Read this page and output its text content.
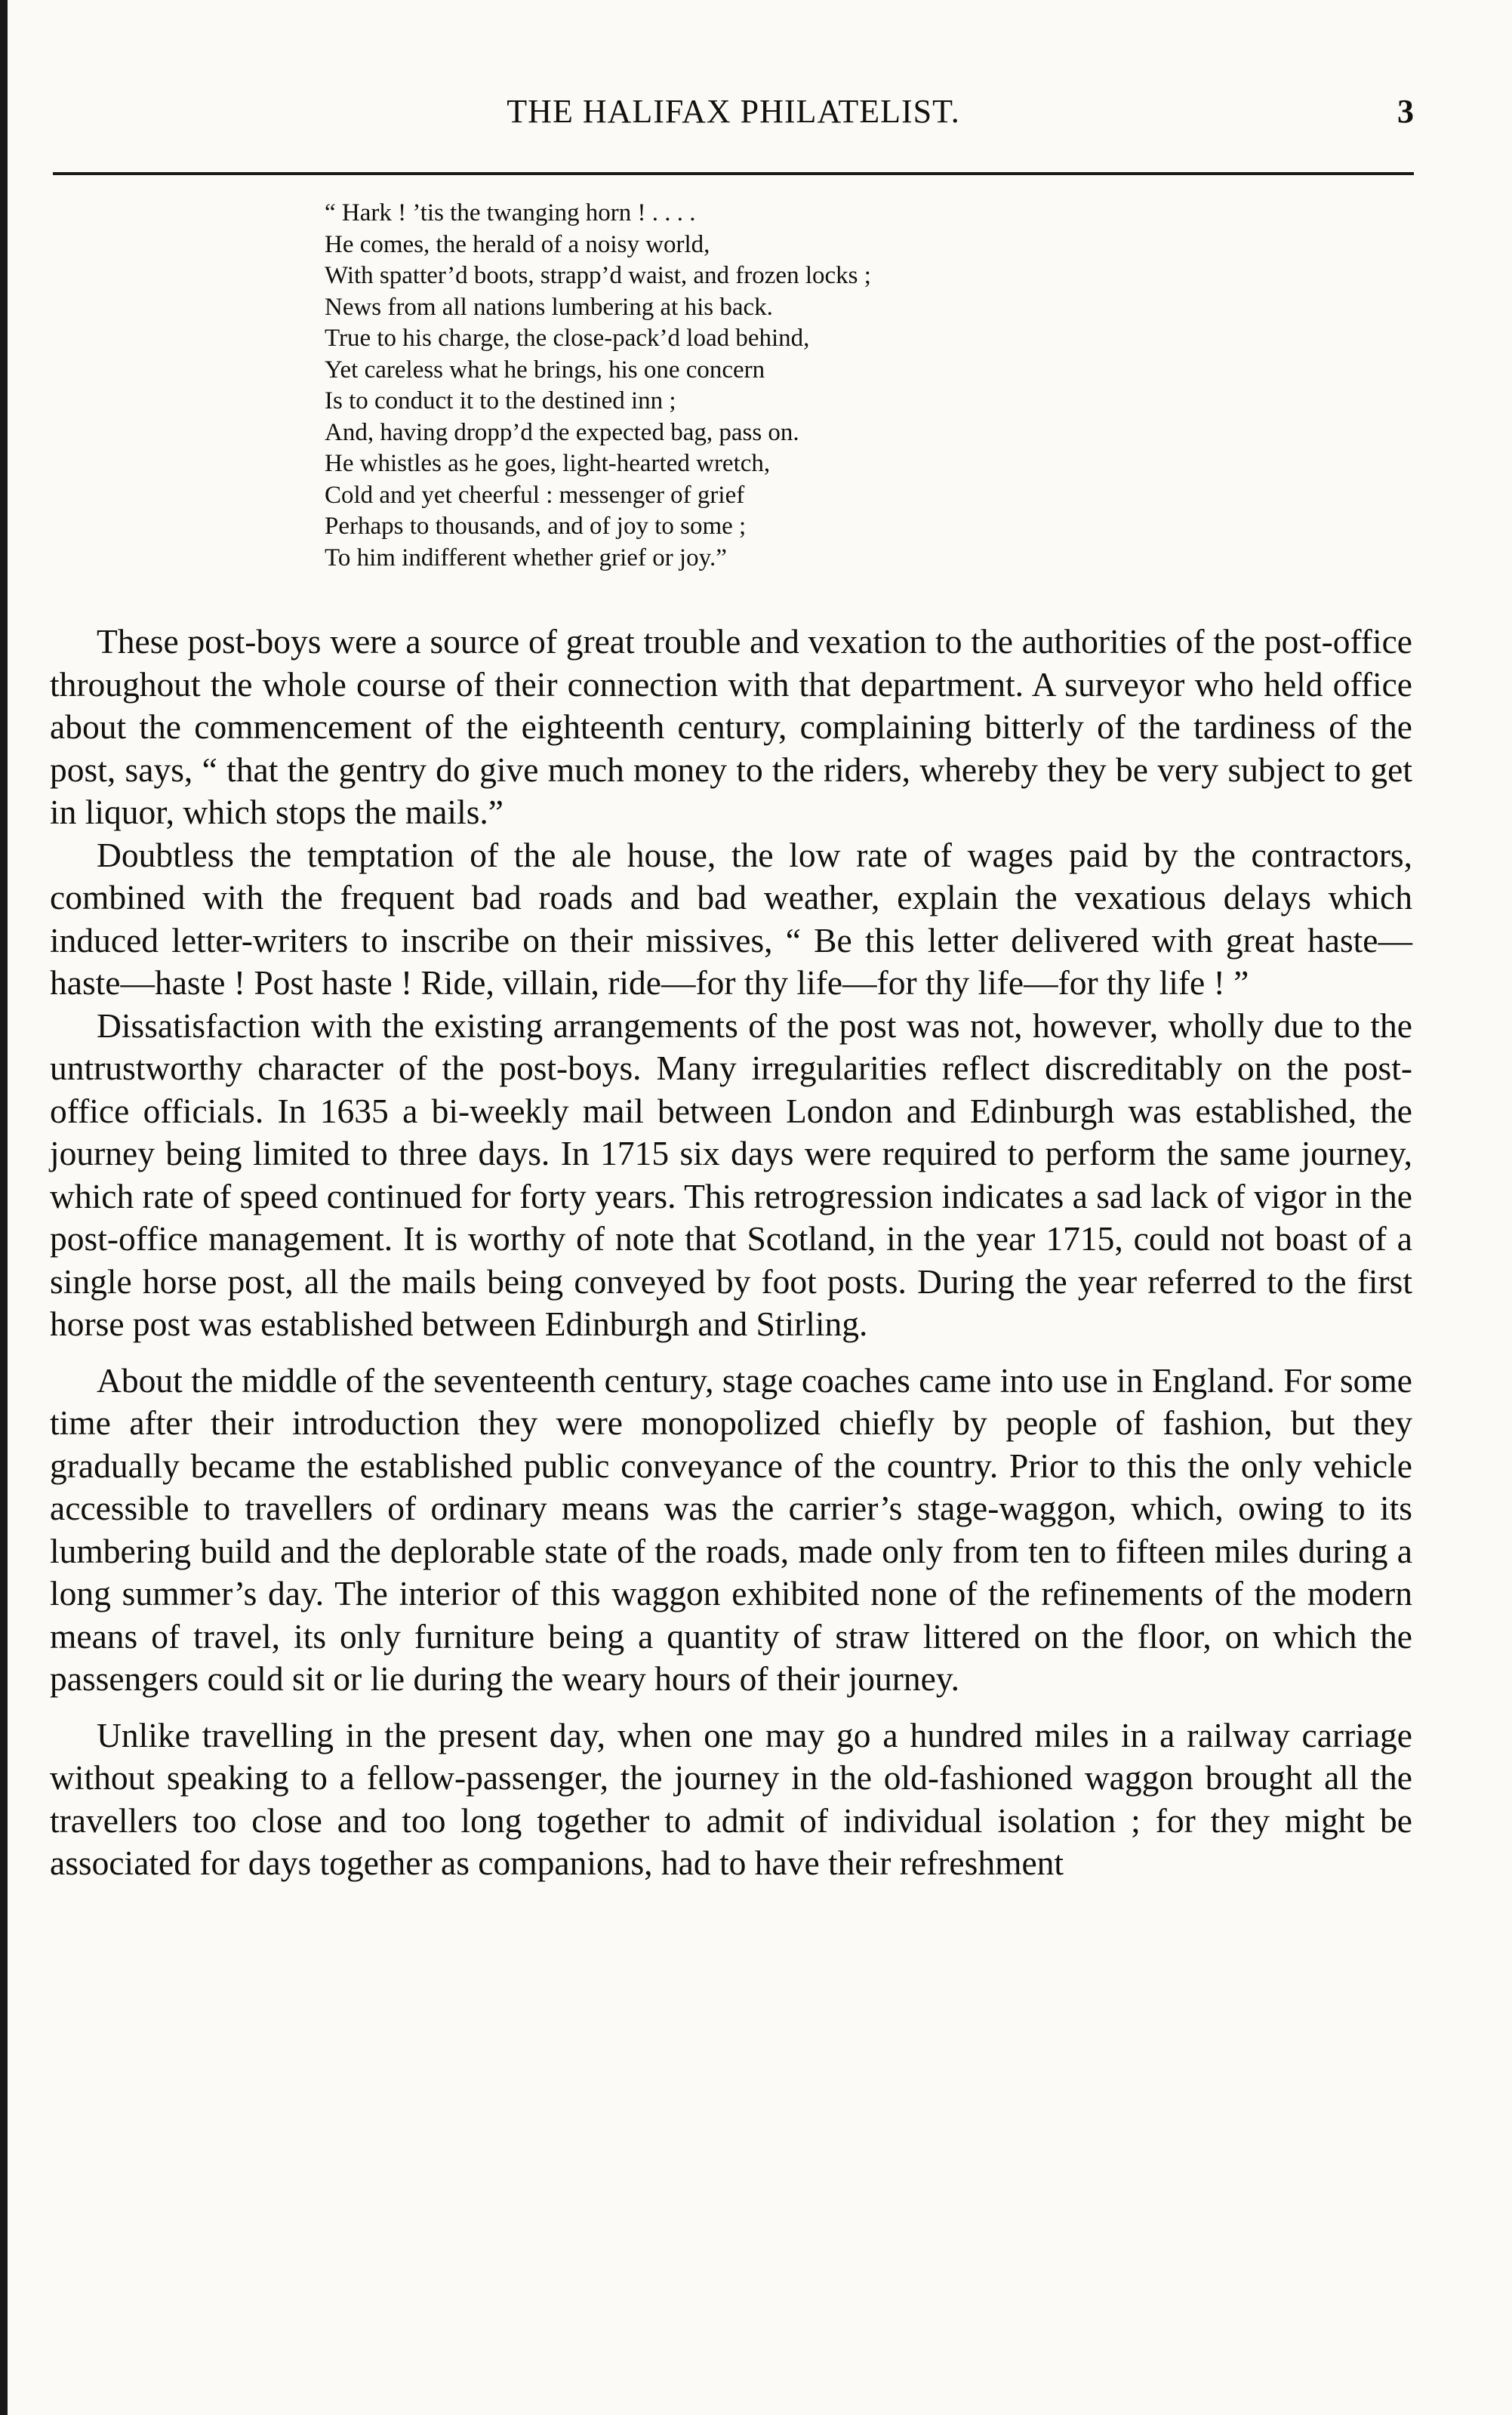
THE HALIFAX PHILATELIST.	3
“ Hark ! ’tis the twanging horn ! . . . .
He comes, the herald of a noisy world,
With spatter’d boots, strapp’d waist, and frozen locks ;
News from all nations lumbering at his back.
True to his charge, the close-pack’d load behind,
Yet careless what he brings, his one concern
Is to conduct it to the destined inn ;
And, having dropp’d the expected bag, pass on.
He whistles as he goes, light-hearted wretch,
Cold and yet cheerful : messenger of grief
Perhaps to thousands, and of joy to some ;
To him indifferent whether grief or joy.”

These post-boys were a source of great trouble and vexation to the authorities of the post-office throughout the whole course of their connection with that department. A surveyor who held office about the commencement of the eighteenth century, complaining bitterly of the tardiness of the post, says, “ that the gentry do give much money to the riders, whereby they be very subject to get in liquor, which stops the mails.”

Doubtless the temptation of the ale house, the low rate of wages paid by the contractors, combined with the frequent bad roads and bad weather, explain the vexatious delays which induced letter-writers to inscribe on their missives, “ Be this letter delivered with great haste—haste—haste ! Post haste ! Ride, villain, ride—for thy life—for thy life—for thy life ! ”

Dissatisfaction with the existing arrangements of the post was not, however, wholly due to the untrustworthy character of the post-boys. Many irregularities reflect discreditably on the post-office officials. In 1635 a bi-weekly mail between London and Edinburgh was established, the journey being limited to three days. In 1715 six days were required to perform the same journey, which rate of speed continued for forty years. This retrogression indicates a sad lack of vigor in the post-office management. It is worthy of note that Scotland, in the year 1715, could not boast of a single horse post, all the mails being conveyed by foot posts. During the year referred to the first horse post was established between Edinburgh and Stirling.

About the middle of the seventeenth century, stage coaches came into use in England. For some time after their introduction they were monopolized chiefly by people of fashion, but they gradually became the established public conveyance of the country. Prior to this the only vehicle accessible to travellers of ordinary means was the carrier’s stage-waggon, which, owing to its lumbering build and the deplorable state of the roads, made only from ten to fifteen miles during a long summer’s day. The interior of this waggon exhibited none of the refinements of the modern means of travel, its only furniture being a quantity of straw littered on the floor, on which the passengers could sit or lie during the weary hours of their journey.

Unlike travelling in the present day, when one may go a hundred miles in a railway carriage without speaking to a fellow-passenger, the journey in the old-fashioned waggon brought all the travellers too close and too long together to admit of individual isolation ; for they might be associated for days together as companions, had to have their refreshment
